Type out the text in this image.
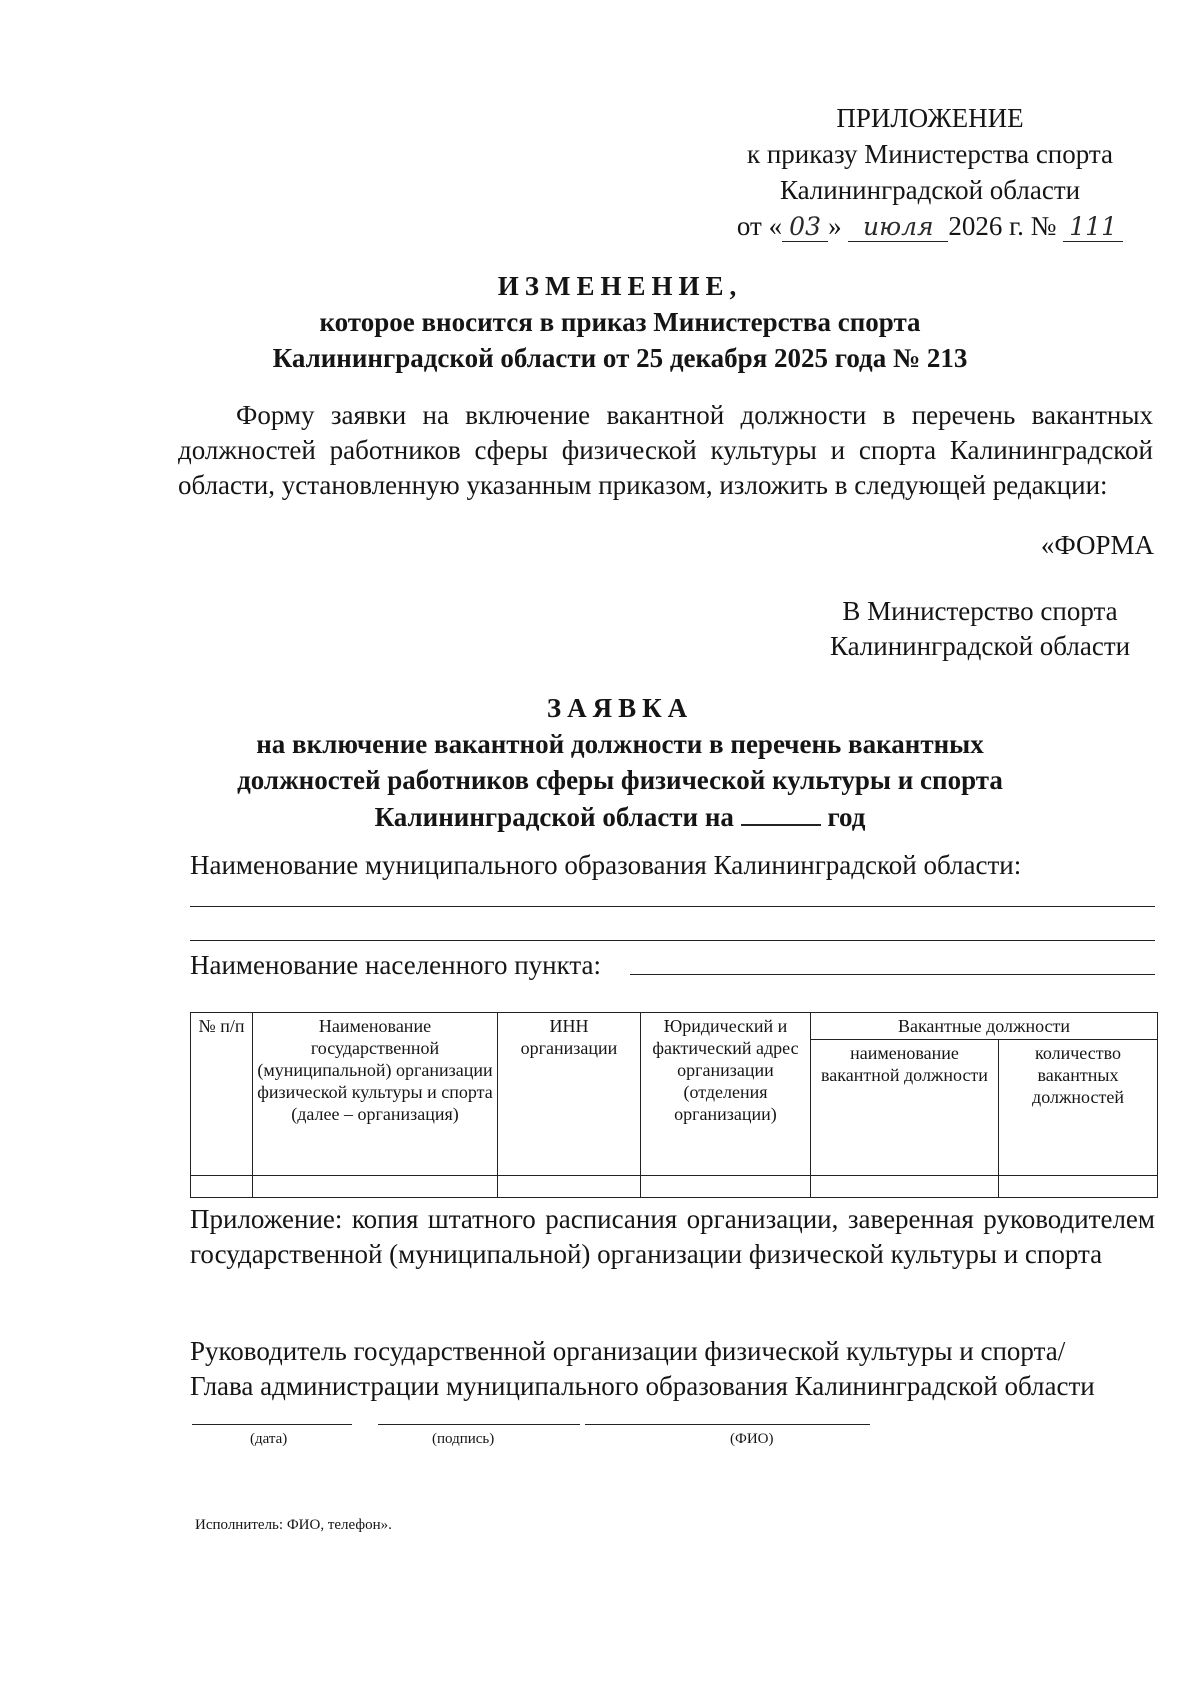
ПРИЛОЖЕНИЕ
к приказу Министерства спорта
Калининградской области
от « 03 » июля 2026 г. № 111
ИЗМЕНЕНИЕ,
которое вносится в приказ Министерства спорта
Калининградской области от 25 декабря 2025 года № 213
Форму заявки на включение вакантной должности в перечень вакантных должностей работников сферы физической культуры и спорта Калининградской области, установленную указанным приказом, изложить в следующей редакции:
«ФОРМА
В Министерство спорта
Калининградской области
ЗАЯВКА
на включение вакантной должности в перечень вакантных
должностей работников сферы физической культуры и спорта
Калининградской области на	год
Наименование муниципального образования Калининградской области:
Наименование населенного пункта:
№ п/п	Наименование государственной (муниципальной) организации физической культуры и спорта (далее – организация)	ИНН организации	Юридический и фактический адрес организации (отделения организации)	Вакантные должности	
				наименование вакантной должности	количество вакантных должностей

Приложение: копия штатного расписания организации, заверенная руководителем государственной (муниципальной) организации физической культуры и спорта
Руководитель государственной организации физической культуры и спорта/
Глава администрации муниципального образования Калининградской области
(дата)	(подпись)	(ФИО)
Исполнитель: ФИО, телефон».
